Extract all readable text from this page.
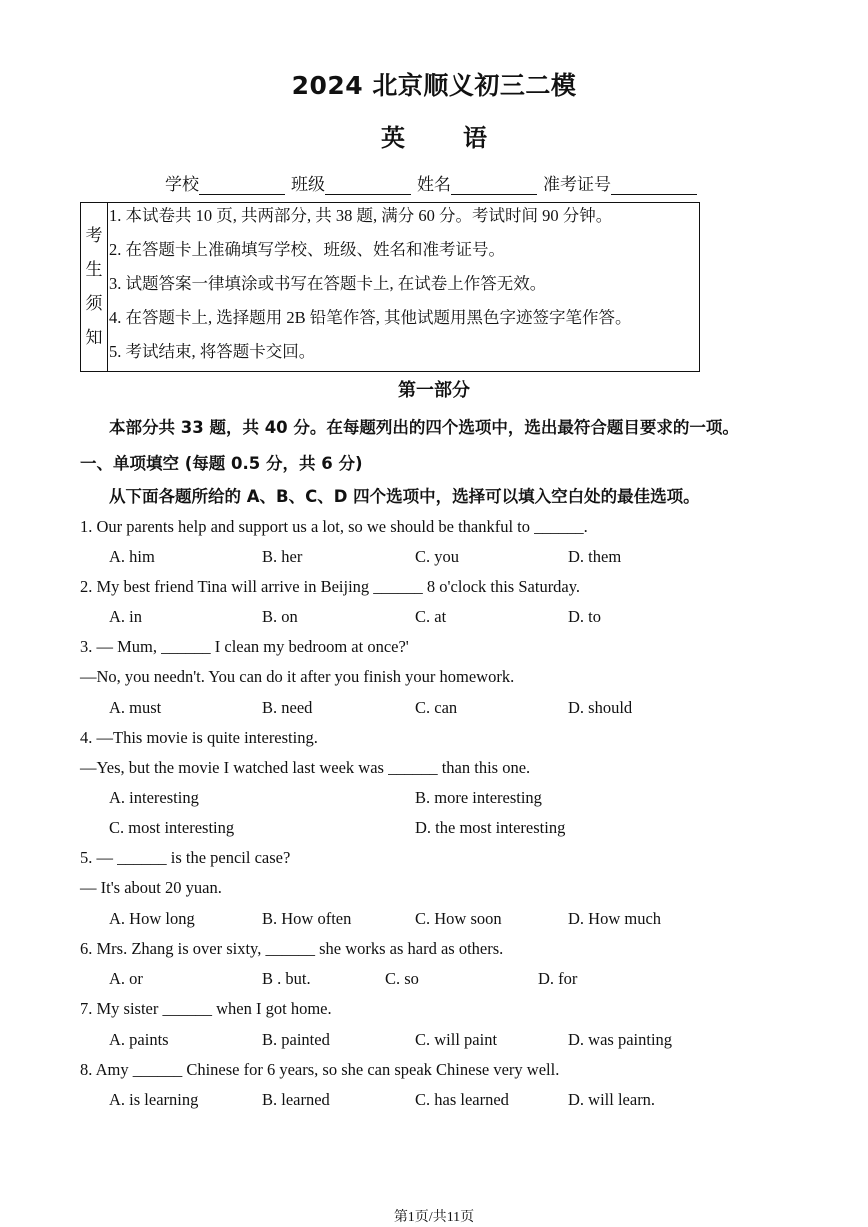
2024 北京顺义初三二模
英 语
学校	班级	姓名	准考证号
考
生
须
知
1. 本试卷共 10 页, 共两部分, 共 38 题, 满分 60 分。考试时间 90 分钟。
2. 在答题卡上准确填写学校、班级、姓名和准考证号。
3. 试题答案一律填涂或书写在答题卡上, 在试卷上作答无效。
4. 在答题卡上, 选择题用 2B 铅笔作答, 其他试题用黑色字迹签字笔作答。
5. 考试结束, 将答题卡交回。
第一部分
本部分共 33 题，共 40 分。在每题列出的四个选项中，选出最符合题目要求的一项。
一、单项填空 (每题 0.5 分，共 6 分)
从下面各题所给的 A、B、C、D 四个选项中，选择可以填入空白处的最佳选项。
1. Our parents help and support us a lot, so we should be thankful to ______.
A. him	B. her	C. you	D. them
2. My best friend Tina will arrive in Beijing ______ 8 o'clock this Saturday.
A. in	B. on	C. at	D. to
3. — Mum, ______ I clean my bedroom at once?'
—No, you needn't. You can do it after you finish your homework.
A. must	B. need	C. can	D. should
4. —This movie is quite interesting.
—Yes, but the movie I watched last week was ______ than this one.
A. interesting	B. more interesting
C. most interesting	D. the most interesting
5. — ______ is the pencil case?
— It's about 20 yuan.
A. How long	B. How often	C. How soon	D. How much
6. Mrs. Zhang is over sixty, ______ she works as hard as others.
A. or	B . but.	C. so	D. for
7. My sister ______ when I got home.
A. paints	B. painted	C. will paint	D. was painting
8. Amy ______ Chinese for 6 years, so she can speak Chinese very well.
A. is learning	B. learned	C. has learned	D. will learn.
第1页/共11页
